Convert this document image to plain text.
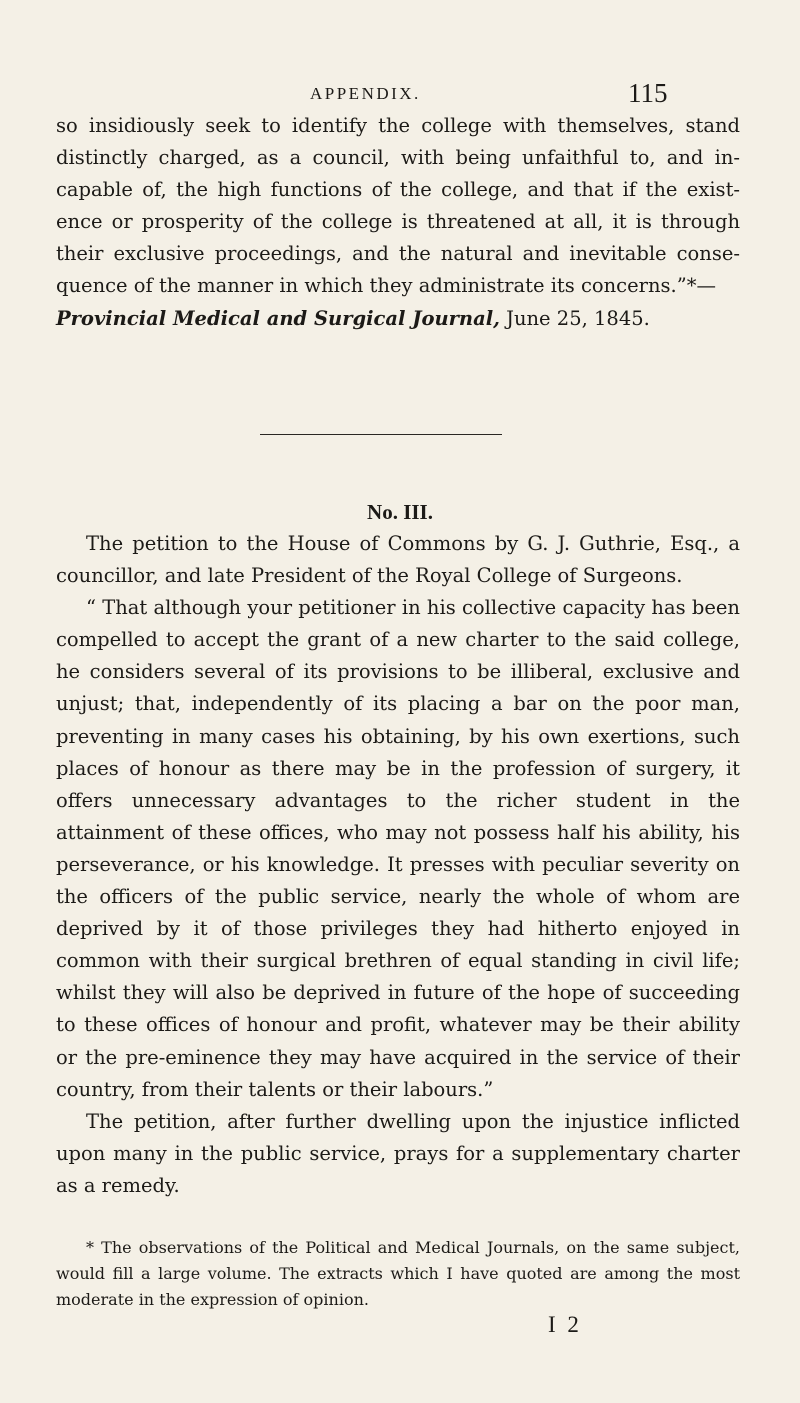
APPENDIX.	115

so insidiously seek to identify the college with themselves, stand distinctly charged, as a council, with being unfaithful to, and incapable of, the high functions of the college, and that if the existence or prosperity of the college is threatened at all, it is through their exclusive proceedings, and the natural and inevitable consequence of the manner in which they administrate its concerns.”*—
Provincial Medical and Surgical Journal, June 25, 1845.

No. III.

The petition to the House of Commons by G. J. Guthrie, Esq., a councillor, and late President of the Royal College of Surgeons.

“ That although your petitioner in his collective capacity has been compelled to accept the grant of a new charter to the said college, he considers several of its provisions to be illiberal, exclusive and unjust; that, independently of its placing a bar on the poor man, preventing in many cases his obtaining, by his own exertions, such places of honour as there may be in the profession of surgery, it offers unnecessary advantages to the richer student in the attainment of these offices, who may not possess half his ability, his perseverance, or his knowledge. It presses with peculiar severity on the officers of the public service, nearly the whole of whom are deprived by it of those privileges they had hitherto enjoyed in common with their surgical brethren of equal standing in civil life; whilst they will also be deprived in future of the hope of succeeding to these offices of honour and profit, whatever may be their ability or the pre-eminence they may have acquired in the service of their country, from their talents or their labours.”

The petition, after further dwelling upon the injustice inflicted upon many in the public service, prays for a supplementary charter as a remedy.

* The observations of the Political and Medical Journals, on the same subject, would fill a large volume. The extracts which I have quoted are among the most moderate in the expression of opinion.

I 2
